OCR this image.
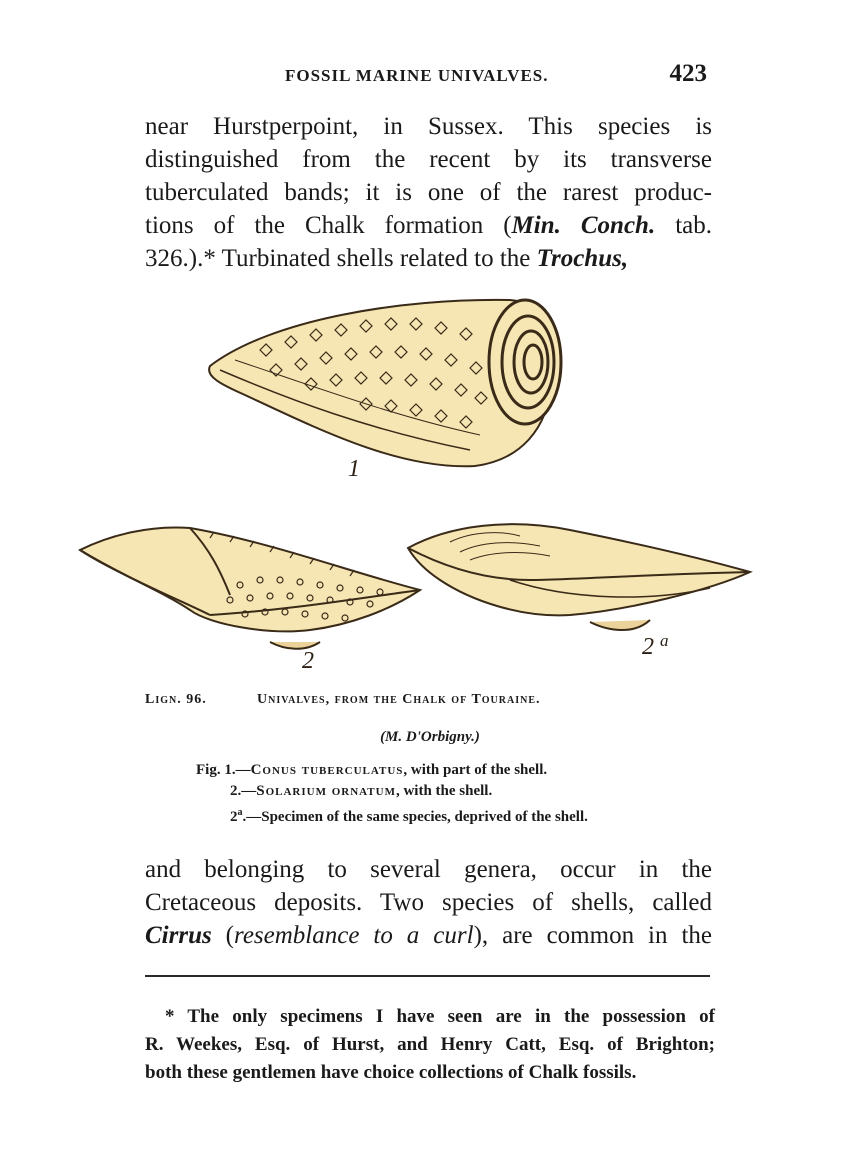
FOSSIL MARINE UNIVALVES.	423
near Hurstperpoint, in Sussex. This species is
distinguished from the recent by its transverse
tuberculated bands; it is one of the rarest produc-
tions of the Chalk formation (Min. Conch. tab.
326.).* Turbinated shells related to the Trochus,
1
2
2 $^a$
Lign. 96.	Univalves, from the Chalk of Touraine.
(M. D'Orbigny.)
Fig. 1.—Conus tuberculatus, with part of the shell.
2.—Solarium ornatum, with the shell.
2$^a$.—Specimen of the same species, deprived of the shell.
and belonging to several genera, occur in the
Cretaceous deposits. Two species of shells, called
Cirrus (resemblance to a curl), are common in the
* The only specimens I have seen are in the possession of
R. Weekes, Esq. of Hurst, and Henry Catt, Esq. of Brighton;
both these gentlemen have choice collections of Chalk fossils.
